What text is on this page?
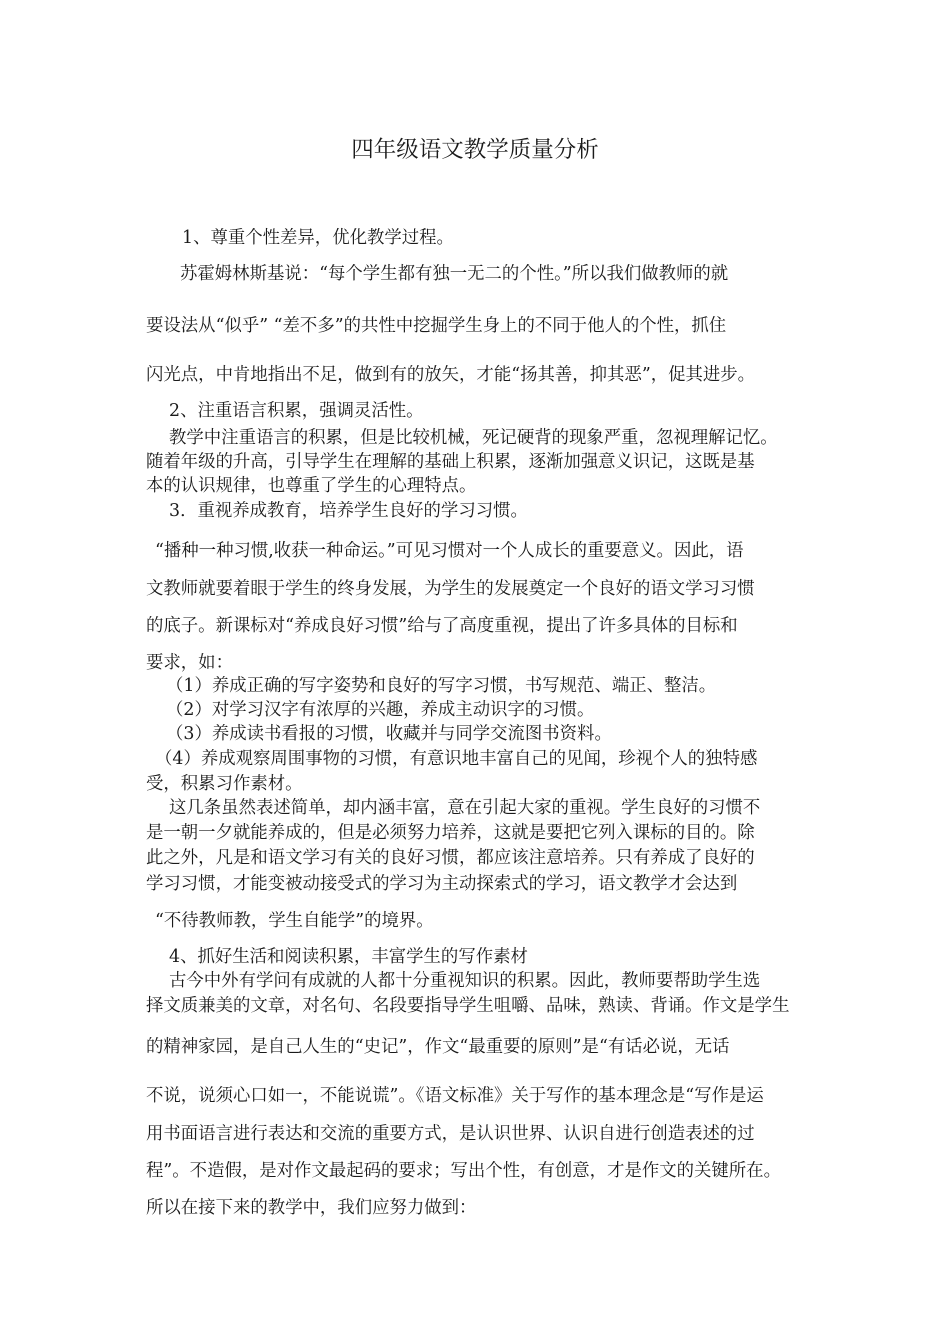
四年级语文教学质量分析
1、尊重个性差异，优化教学过程。
苏霍姆林斯基说：“每个学生都有独一无二的个性。”所以我们做教师的就
要设法从“似乎” “差不多”的共性中挖掘学生身上的不同于他人的个性，抓住
闪光点，中肯地指出不足，做到有的放矢，才能“扬其善，抑其恶”，促其进步。
2、注重语言积累，强调灵活性。
教学中注重语言的积累，但是比较机械，死记硬背的现象严重，忽视理解记忆。
随着年级的升高，引导学生在理解的基础上积累，逐渐加强意义识记，这既是基
本的认识规律，也尊重了学生的心理特点。
3．重视养成教育，培养学生良好的学习习惯。
“播种一种习惯,收获一种命运。”可见习惯对一个人成长的重要意义。因此，语
文教师就要着眼于学生的终身发展，为学生的发展奠定一个良好的语文学习习惯
的底子。新课标对“养成良好习惯”给与了高度重视，提出了许多具体的目标和
要求，如：
（1）养成正确的写字姿势和良好的写字习惯，书写规范、端正、整洁。
（2）对学习汉字有浓厚的兴趣，养成主动识字的习惯。
（3）养成读书看报的习惯，收藏并与同学交流图书资料。
（4）养成观察周围事物的习惯，有意识地丰富自己的见闻，珍视个人的独特感
受，积累习作素材。
这几条虽然表述简单，却内涵丰富，意在引起大家的重视。学生良好的习惯不
是一朝一夕就能养成的，但是必须努力培养，这就是要把它列入课标的目的。除
此之外，凡是和语文学习有关的良好习惯，都应该注意培养。只有养成了良好的
学习习惯，才能变被动接受式的学习为主动探索式的学习，语文教学才会达到
“不待教师教，学生自能学”的境界。
4、抓好生活和阅读积累，丰富学生的写作素材
古今中外有学问有成就的人都十分重视知识的积累。因此，教师要帮助学生选
择文质兼美的文章，对名句、名段要指导学生咀嚼、品味，熟读、背诵。作文是学生
的精神家园，是自己人生的“史记”，作文“最重要的原则”是“有话必说，无话
不说，说须心口如一，不能说谎”。《语文标准》关于写作的基本理念是“写作是运
用书面语言进行表达和交流的重要方式，是认识世界、认识自进行创造表述的过
程”。不造假，是对作文最起码的要求；写出个性，有创意，才是作文的关键所在。
所以在接下来的教学中，我们应努力做到：
